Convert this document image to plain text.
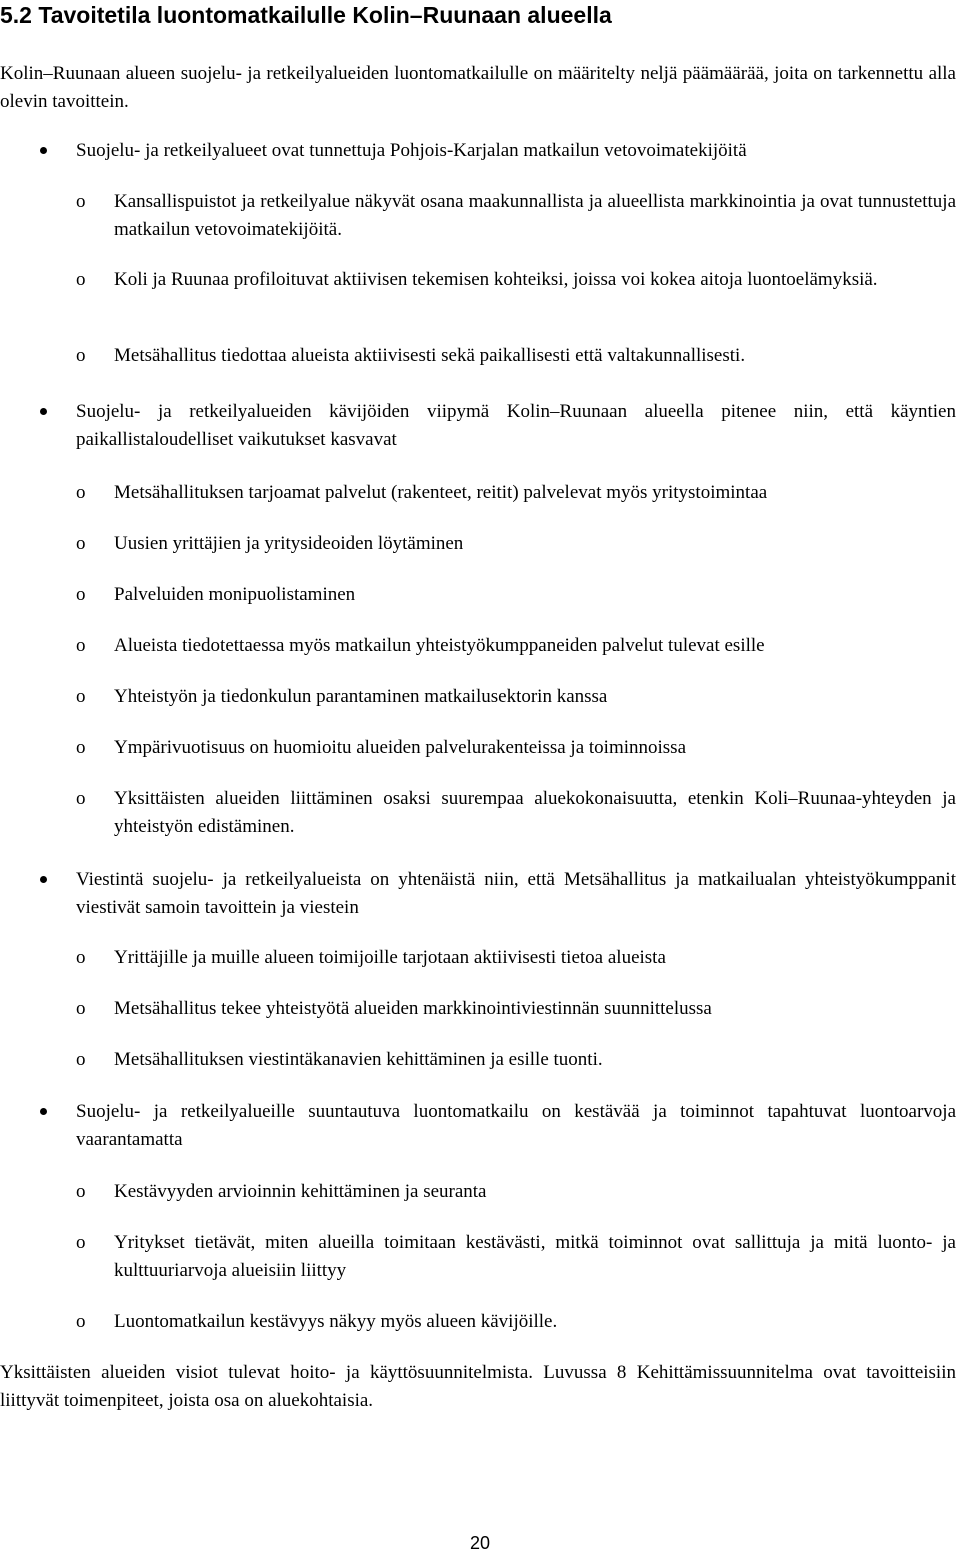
5.2 Tavoitetila luontomatkailulle Kolin–Ruunaan alueella

Kolin–Ruunaan alueen suojelu- ja retkeilyalueiden luontomatkailulle on määritelty neljä päämäärää, joita on tarkennettu alla olevin tavoittein.

Suojelu- ja retkeilyalueet ovat tunnettuja Pohjois-Karjalan matkailun vetovoimatekijöitä

o	Kansallispuistot ja retkeilyalue näkyvät osana maakunnallista ja alueellista markkinointia ja ovat tunnustettuja matkailun vetovoimatekijöitä.

o	Koli ja Ruunaa profiloituvat aktiivisen tekemisen kohteiksi, joissa voi kokea aitoja luontoelämyksiä.

o	Metsähallitus tiedottaa alueista aktiivisesti sekä paikallisesti että valtakunnallisesti.

Suojelu- ja retkeilyalueiden kävijöiden viipymä Kolin–Ruunaan alueella pitenee niin, että käyntien paikallistaloudelliset vaikutukset kasvavat

o	Metsähallituksen tarjoamat palvelut (rakenteet, reitit) palvelevat myös yritystoimintaa

o	Uusien yrittäjien ja yritysideoiden löytäminen

o	Palveluiden monipuolistaminen

o	Alueista tiedotettaessa myös matkailun yhteistyökumppaneiden palvelut tulevat esille

o	Yhteistyön ja tiedonkulun parantaminen matkailusektorin kanssa

o	Ympärivuotisuus on huomioitu alueiden palvelurakenteissa ja toiminnoissa

o	Yksittäisten alueiden liittäminen osaksi suurempaa aluekokonaisuutta, etenkin Koli–Ruunaa-yhteyden ja yhteistyön edistäminen.

Viestintä suojelu- ja retkeilyalueista on yhtenäistä niin, että Metsähallitus ja matkailualan yhteistyökumppanit viestivät samoin tavoittein ja viestein

o	Yrittäjille ja muille alueen toimijoille tarjotaan aktiivisesti tietoa alueista

o	Metsähallitus tekee yhteistyötä alueiden markkinointiviestinnän suunnittelussa

o	Metsähallituksen viestintäkanavien kehittäminen ja esille tuonti.

Suojelu- ja retkeilyalueille suuntautuva luontomatkailu on kestävää ja toiminnot tapahtuvat luontoarvoja vaarantamatta

o	Kestävyyden arvioinnin kehittäminen ja seuranta

o	Yritykset tietävät, miten alueilla toimitaan kestävästi, mitkä toiminnot ovat sallittuja ja mitä luonto- ja kulttuuriarvoja alueisiin liittyy

o	Luontomatkailun kestävyys näkyy myös alueen kävijöille.

Yksittäisten alueiden visiot tulevat hoito- ja käyttösuunnitelmista. Luvussa 8 Kehittämissuunnitelma ovat tavoitteisiin liittyvät toimenpiteet, joista osa on aluekohtaisia.

20
